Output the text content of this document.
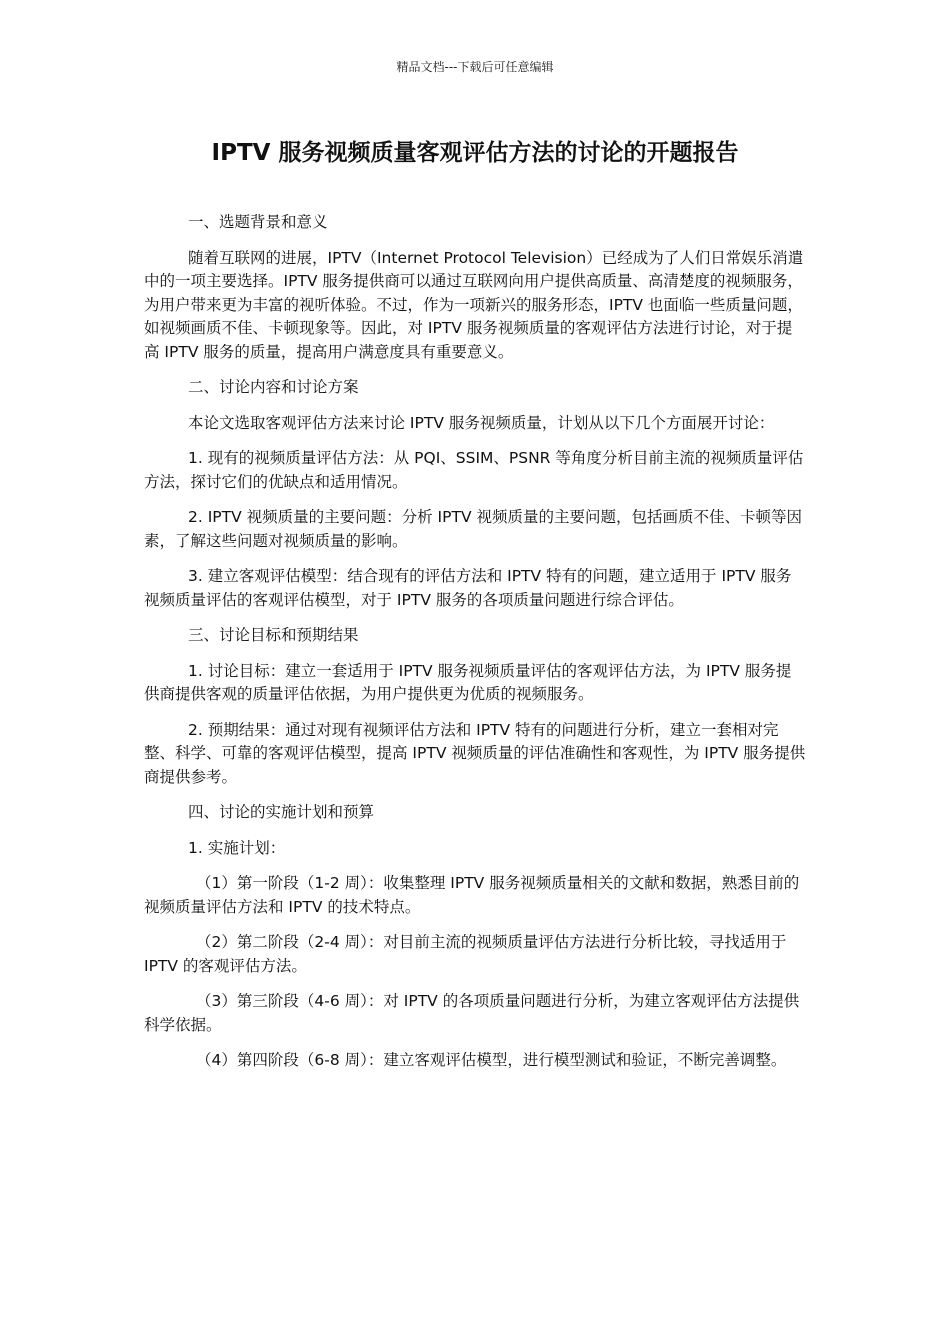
精品文档---下载后可任意编辑
IPTV 服务视频质量客观评估方法的讨论的开题报告

一、选题背景和意义

随着互联网的进展，IPTV（Internet Protocol Television）已经成为了人们日常娱乐消遣中的一项主要选择。IPTV 服务提供商可以通过互联网向用户提供高质量、高清楚度的视频服务，为用户带来更为丰富的视听体验。不过，作为一项新兴的服务形态，IPTV 也面临一些质量问题，如视频画质不佳、卡顿现象等。因此，对 IPTV 服务视频质量的客观评估方法进行讨论，对于提高 IPTV 服务的质量，提高用户满意度具有重要意义。

二、讨论内容和讨论方案

本论文选取客观评估方法来讨论 IPTV 服务视频质量，计划从以下几个方面展开讨论：

1. 现有的视频质量评估方法：从 PQI、SSIM、PSNR 等角度分析目前主流的视频质量评估方法，探讨它们的优缺点和适用情况。

2. IPTV 视频质量的主要问题：分析 IPTV 视频质量的主要问题，包括画质不佳、卡顿等因素，了解这些问题对视频质量的影响。

3. 建立客观评估模型：结合现有的评估方法和 IPTV 特有的问题，建立适用于 IPTV 服务视频质量评估的客观评估模型，对于 IPTV 服务的各项质量问题进行综合评估。

三、讨论目标和预期结果

1. 讨论目标：建立一套适用于 IPTV 服务视频质量评估的客观评估方法，为 IPTV 服务提供商提供客观的质量评估依据，为用户提供更为优质的视频服务。

2. 预期结果：通过对现有视频评估方法和 IPTV 特有的问题进行分析，建立一套相对完整、科学、可靠的客观评估模型，提高 IPTV 视频质量的评估准确性和客观性，为 IPTV 服务提供商提供参考。

四、讨论的实施计划和预算

1. 实施计划：

（1）第一阶段（1-2 周）：收集整理 IPTV 服务视频质量相关的文献和数据，熟悉目前的视频质量评估方法和 IPTV 的技术特点。

（2）第二阶段（2-4 周）：对目前主流的视频质量评估方法进行分析比较，寻找适用于 IPTV 的客观评估方法。

（3）第三阶段（4-6 周）：对 IPTV 的各项质量问题进行分析，为建立客观评估方法提供科学依据。

（4）第四阶段（6-8 周）：建立客观评估模型，进行模型测试和验证，不断完善调整。
